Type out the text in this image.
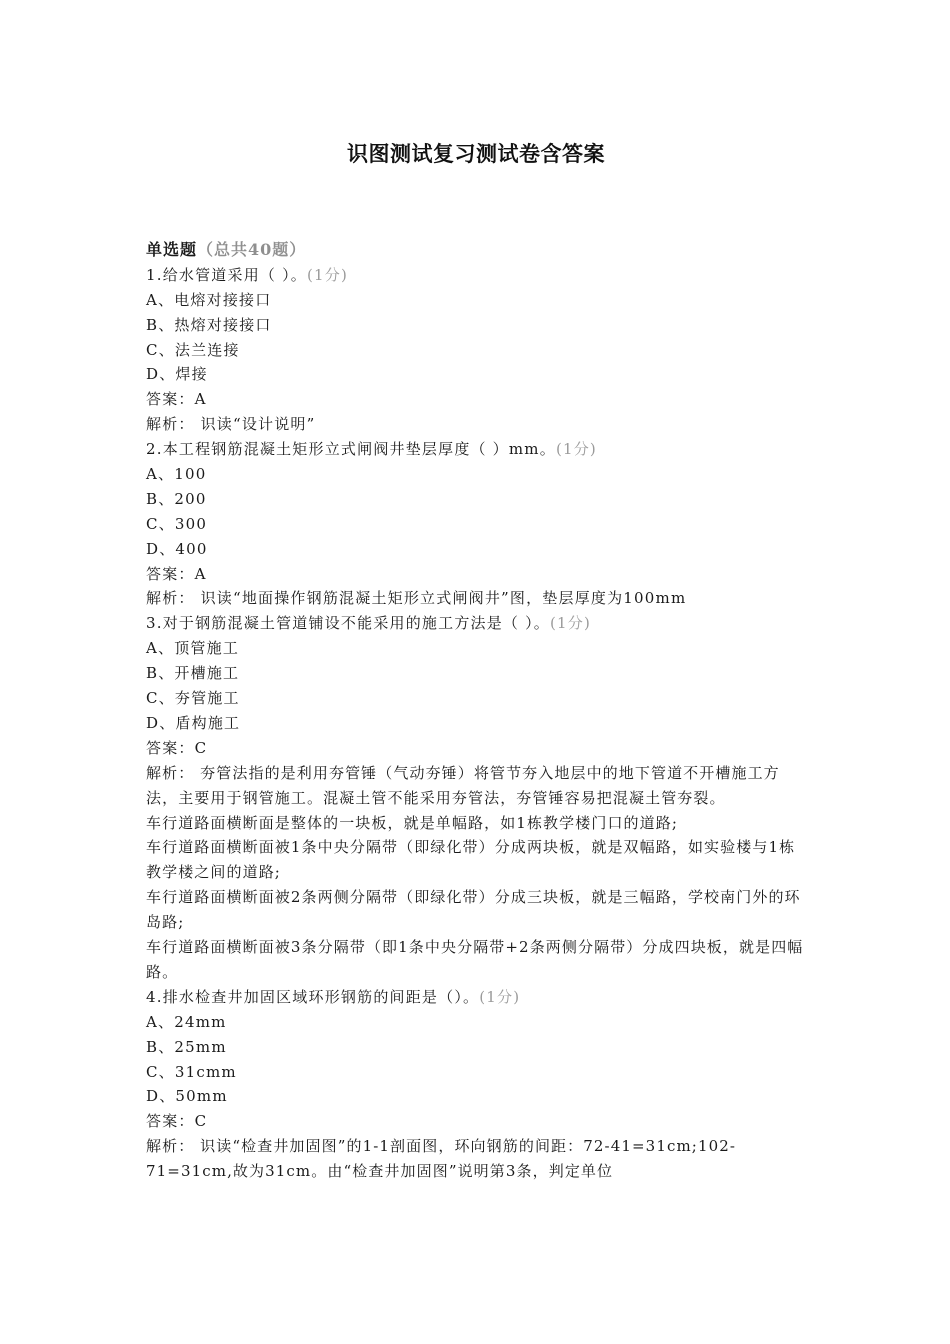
识图测试复习测试卷含答案
单选题（总共40题）
1.给水管道采用（ ）。(1分)
A、电熔对接接口
B、热熔对接接口
C、法兰连接
D、焊接
答案：A
解析： 识读“设计说明”
2.本工程钢筋混凝土矩形立式闸阀井垫层厚度（ ）mm。(1分)
A、100
B、200
C、300
D、400
答案：A
解析： 识读“地面操作钢筋混凝土矩形立式闸阀井”图，垫层厚度为100mm
3.对于钢筋混凝土管道铺设不能采用的施工方法是（ ）。(1分)
A、顶管施工
B、开槽施工
C、夯管施工
D、盾构施工
答案：C
解析： 夯管法指的是利用夯管锤（气动夯锤）将管节夯入地层中的地下管道不开槽施工方法，主要用于钢管施工。混凝土管不能采用夯管法，夯管锤容易把混凝土管夯裂。
车行道路面横断面是整体的一块板，就是单幅路，如1栋教学楼门口的道路;
车行道路面横断面被1条中央分隔带（即绿化带）分成两块板，就是双幅路，如实验楼与1栋教学楼之间的道路;
车行道路面横断面被2条两侧分隔带（即绿化带）分成三块板，就是三幅路，学校南门外的环岛路;
车行道路面横断面被3条分隔带（即1条中央分隔带+2条两侧分隔带）分成四块板，就是四幅路。
4.排水检查井加固区域环形钢筋的间距是（）。(1分)
A、24mm
B、25mm
C、31cmm
D、50mm
答案：C
解析： 识读“检查井加固图”的1-1剖面图，环向钢筋的间距：72-41=31cm;102-71=31cm,故为31cm。由“检查井加固图”说明第3条，判定单位
